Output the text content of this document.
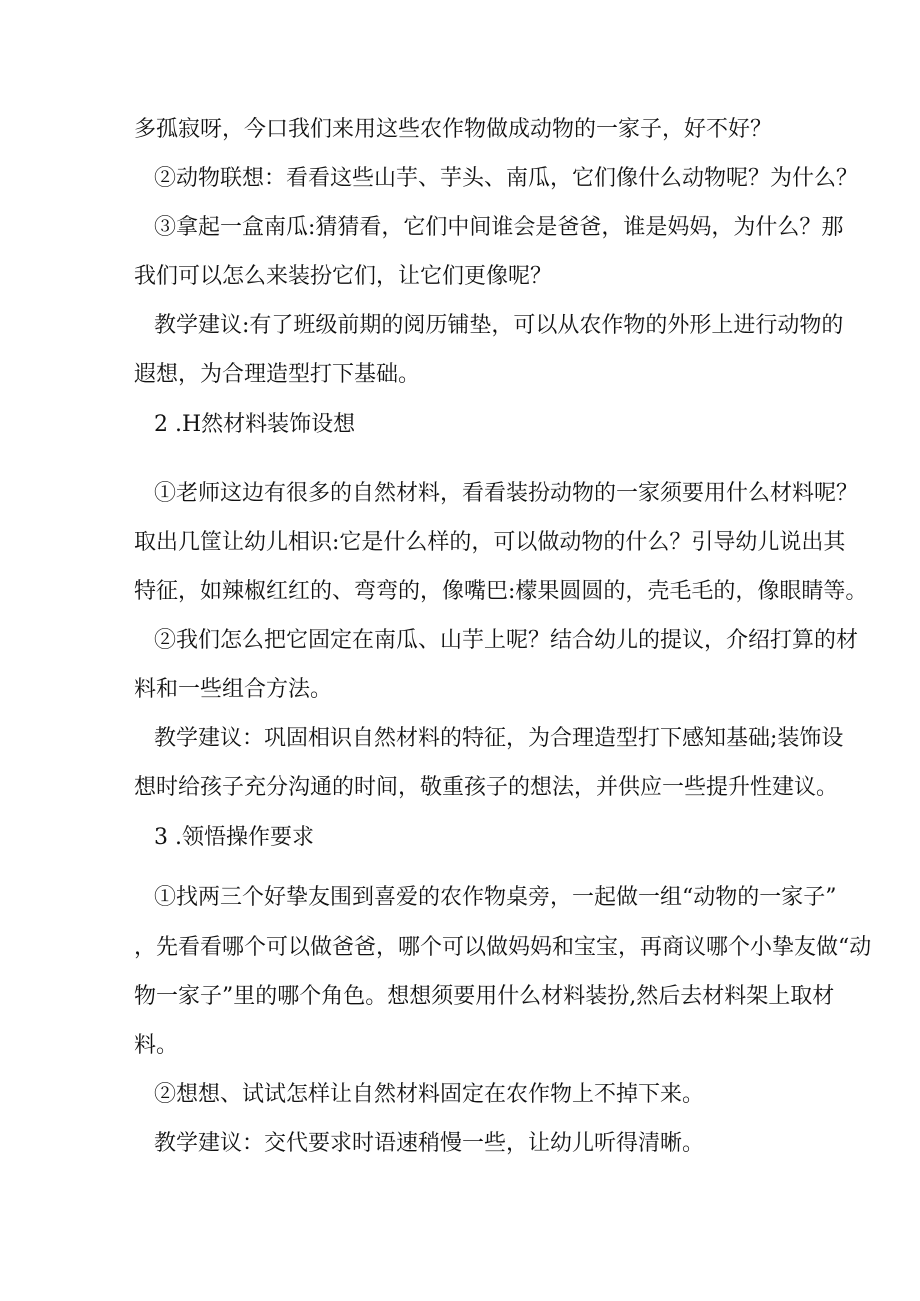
多孤寂呀，今口我们来用这些农作物做成动物的一家子，好不好？
②动物联想：看看这些山芋、芋头、南瓜，它们像什么动物呢？为什么？
③拿起一盒南瓜:猜猜看，它们中间谁会是爸爸，谁是妈妈，为什么？那
我们可以怎么来装扮它们，让它们更像呢？
教学建议:有了班级前期的阅历铺垫，可以从农作物的外形上进行动物的
遐想，为合理造型打下基础。
2 .H然材料装饰设想
①老师这边有很多的自然材料，看看装扮动物的一家须要用什么材料呢？
取出几筐让幼儿相识:它是什么样的，可以做动物的什么？引导幼儿说出其
特征，如辣椒红红的、弯弯的，像嘴巴:檬果圆圆的，壳毛毛的，像眼睛等。
②我们怎么把它固定在南瓜、山芋上呢？结合幼儿的提议，介绍打算的材
料和一些组合方法。
教学建议：巩固相识自然材料的特征，为合理造型打下感知基础;装饰设
想时给孩子充分沟通的时间，敬重孩子的想法，并供应一些提升性建议。
3 .领悟操作要求
①找两三个好挚友围到喜爱的农作物桌旁，一起做一组“动物的一家子”
，先看看哪个可以做爸爸，哪个可以做妈妈和宝宝，再商议哪个小挚友做“动
物一家子”里的哪个角色。想想须要用什么材料装扮,然后去材料架上取材
料。
②想想、试试怎样让自然材料固定在农作物上不掉下来。
教学建议：交代要求时语速稍慢一些，让幼儿听得清晰。
